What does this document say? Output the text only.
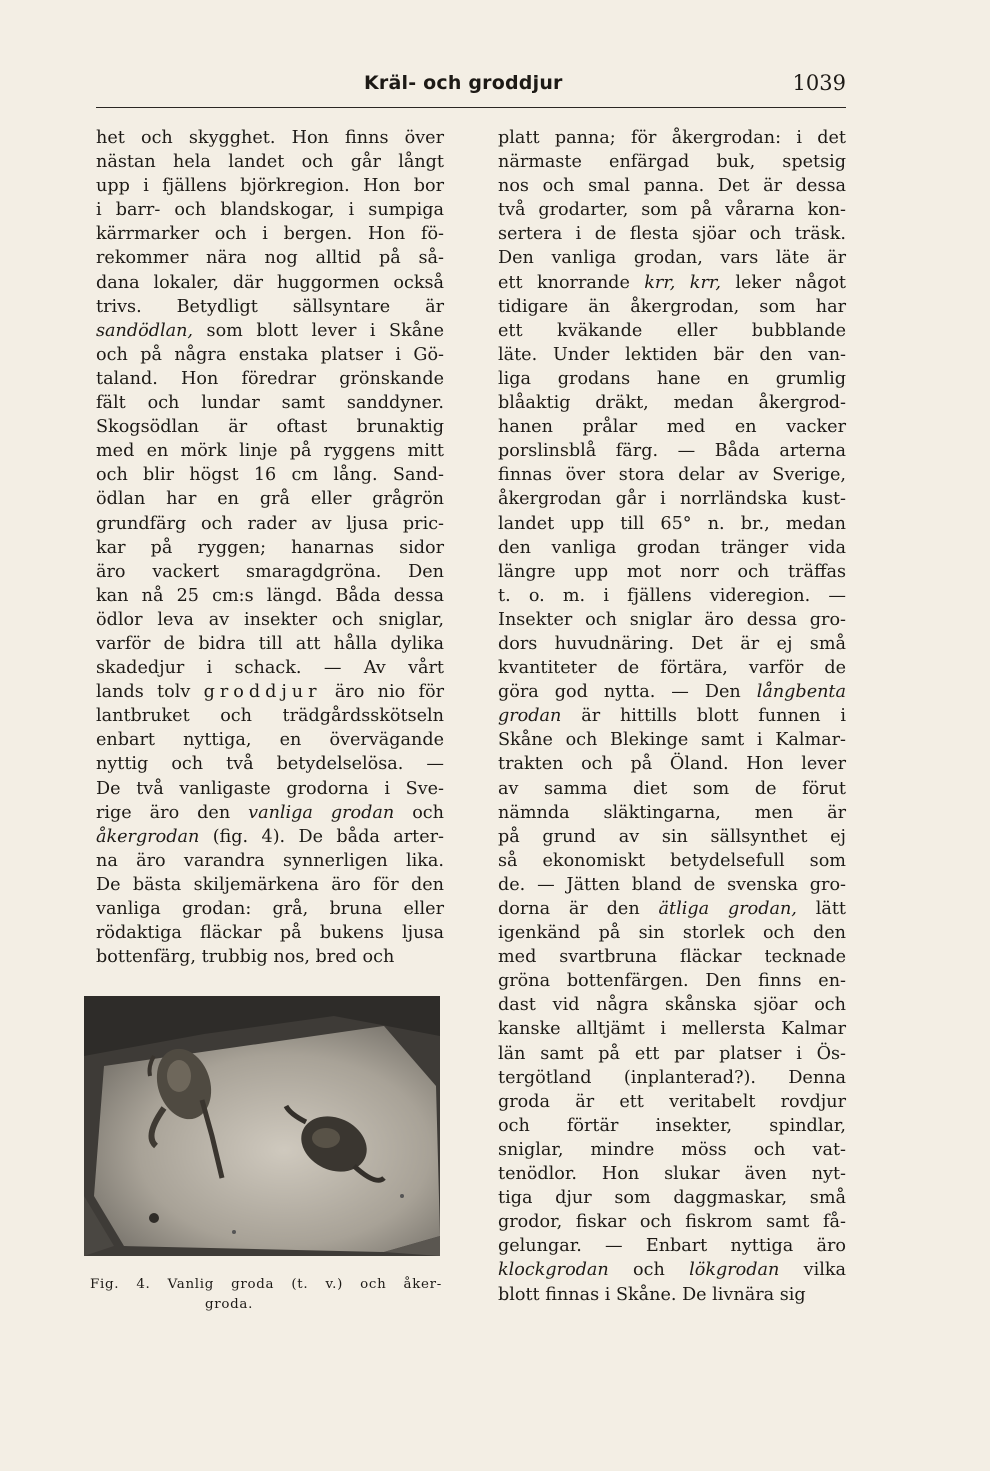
Kräl- och groddjur	1039
het och skygghet. Hon finns över
nästan hela landet och går långt
upp i fjällens björkregion. Hon bor
i barr- och blandskogar, i sumpiga
kärrmarker och i bergen. Hon fö-
rekommer nära nog alltid på så-
dana lokaler, där huggormen också
trivs. Betydligt sällsyntare är
sandödlan, som blott lever i Skåne
och på några enstaka platser i Gö-
taland. Hon föredrar grönskande
fält och lundar samt sanddyner.
Skogsödlan är oftast brunaktig
med en mörk linje på ryggens mitt
och blir högst 16 cm lång. Sand-
ödlan har en grå eller grågrön
grundfärg och rader av ljusa pric-
kar på ryggen; hanarnas sidor
äro vackert smaragdgröna. Den
kan nå 25 cm:s längd. Båda dessa
ödlor leva av insekter och sniglar,
varför de bidra till att hålla dylika
skadedjur i schack. — Av vårt
lands tolv groddjur äro nio för
lantbruket och trädgårdsskötseln
enbart nyttiga, en övervägande
nyttig och två betydelselösa. —
De två vanligaste grodorna i Sve-
rige äro den vanliga grodan och
åkergrodan (fig. 4). De båda arter-
na äro varandra synnerligen lika.
De bästa skiljemärkena äro för den
vanliga grodan: grå, bruna eller
rödaktiga fläckar på bukens ljusa
bottenfärg, trubbig nos, bred och
platt panna; för åkergrodan: i det
närmaste enfärgad buk, spetsig
nos och smal panna. Det är dessa
två grodarter, som på vårarna kon-
sertera i de flesta sjöar och träsk.
Den vanliga grodan, vars läte är
ett knorrande krr, krr, leker något
tidigare än åkergrodan, som har
ett kväkande eller bubblande
läte. Under lektiden bär den van-
liga grodans hane en grumlig
blåaktig dräkt, medan åkergrod-
hanen prålar med en vacker
porslinsblå färg. — Båda arterna
finnas över stora delar av Sverige,
åkergrodan går i norrländska kust-
landet upp till 65° n. br., medan
den vanliga grodan tränger vida
längre upp mot norr och träffas
t. o. m. i fjällens videregion. —
Insekter och sniglar äro dessa gro-
dors huvudnäring. Det är ej små
kvantiteter de förtära, varför de
göra god nytta. — Den långbenta
grodan är hittills blott funnen i
Skåne och Blekinge samt i Kalmar-
trakten och på Öland. Hon lever
av samma diet som de förut
nämnda släktingarna, men är
på grund av sin sällsynthet ej
så ekonomiskt betydelsefull som
de. — Jätten bland de svenska gro-
dorna är den ätliga grodan, lätt
igenkänd på sin storlek och den
med svartbruna fläckar tecknade
gröna bottenfärgen. Den finns en-
dast vid några skånska sjöar och
kanske alltjämt i mellersta Kalmar
län samt på ett par platser i Ös-
tergötland (inplanterad?). Denna
groda är ett veritabelt rovdjur
och förtär insekter, spindlar,
sniglar, mindre möss och vat-
tenödlor. Hon slukar även nyt-
tiga djur som daggmaskar, små
grodor, fiskar och fiskrom samt få-
gelungar. — Enbart nyttiga äro
klockgrodan och lökgrodan vilka
blott finnas i Skåne. De livnära sig
Fig. 4. Vanlig groda (t. v.) och åker-
groda.
